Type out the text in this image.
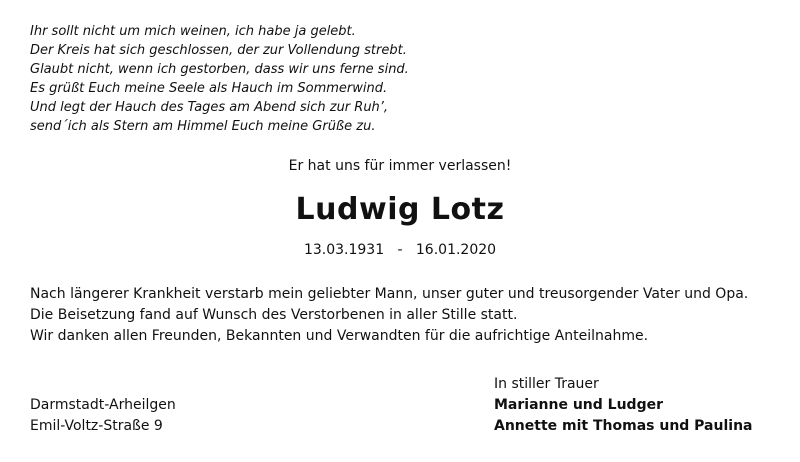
Ihr sollt nicht um mich weinen, ich habe ja gelebt.
Der Kreis hat sich geschlossen, der zur Vollendung strebt.
Glaubt nicht, wenn ich gestorben, dass wir uns ferne sind.
Es grüßt Euch meine Seele als Hauch im Sommerwind.
Und legt der Hauch des Tages am Abend sich zur Ruh’,
send´ich als Stern am Himmel Euch meine Grüße zu.
Er hat uns für immer verlassen!
Ludwig Lotz
13.03.1931 - 16.01.2020
Nach längerer Krankheit verstarb mein geliebter Mann, unser guter und treusorgender Vater und Opa.
Die Beisetzung fand auf Wunsch des Verstorbenen in aller Stille statt.
Wir danken allen Freunden, Bekannten und Verwandten für die aufrichtige Anteilnahme.
Darmstadt-Arheilgen
Emil-Voltz-Straße 9
In stiller Trauer
Marianne und Ludger
Annette mit Thomas und Paulina
